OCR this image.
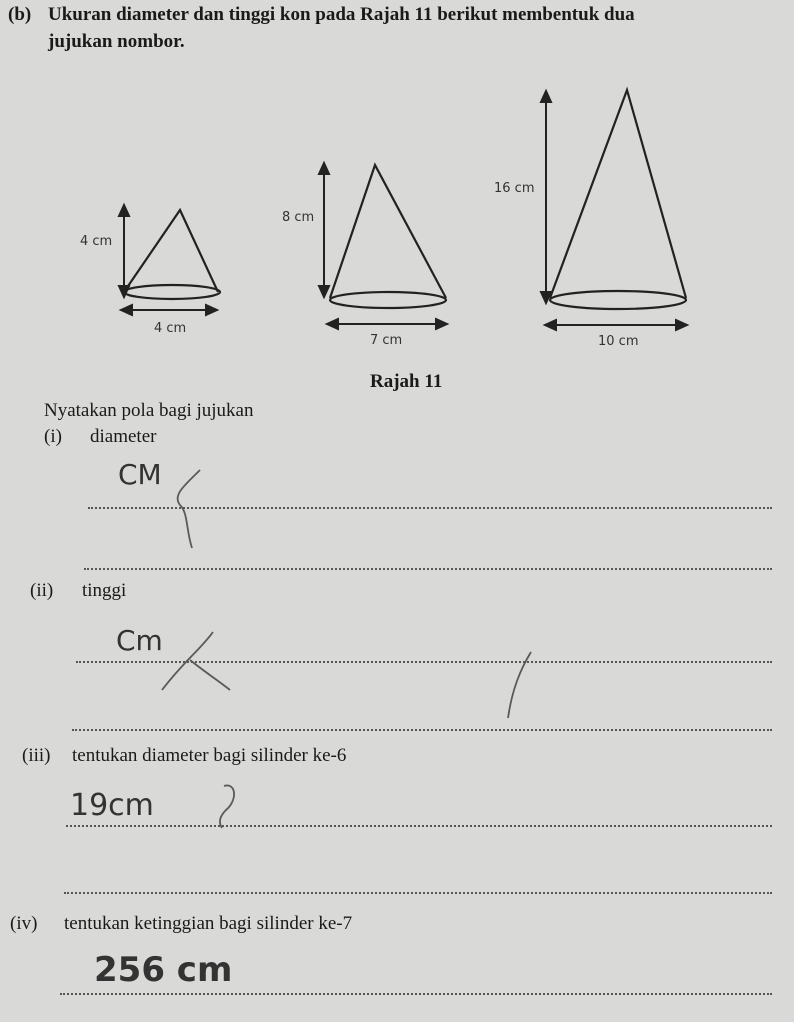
(b) Ukuran diameter dan tinggi kon pada Rajah 11 berikut membentuk dua
jujukan nombor.
4 cm
4 cm
8 cm
7 cm
16 cm
10 cm
Rajah 11
Nyatakan pola bagi jujukan
(i) diameter
CM
(ii) tinggi
Cm
(iii) tentukan diameter bagi silinder ke-6
19cm
(iv) tentukan ketinggian bagi silinder ke-7
256 cm
